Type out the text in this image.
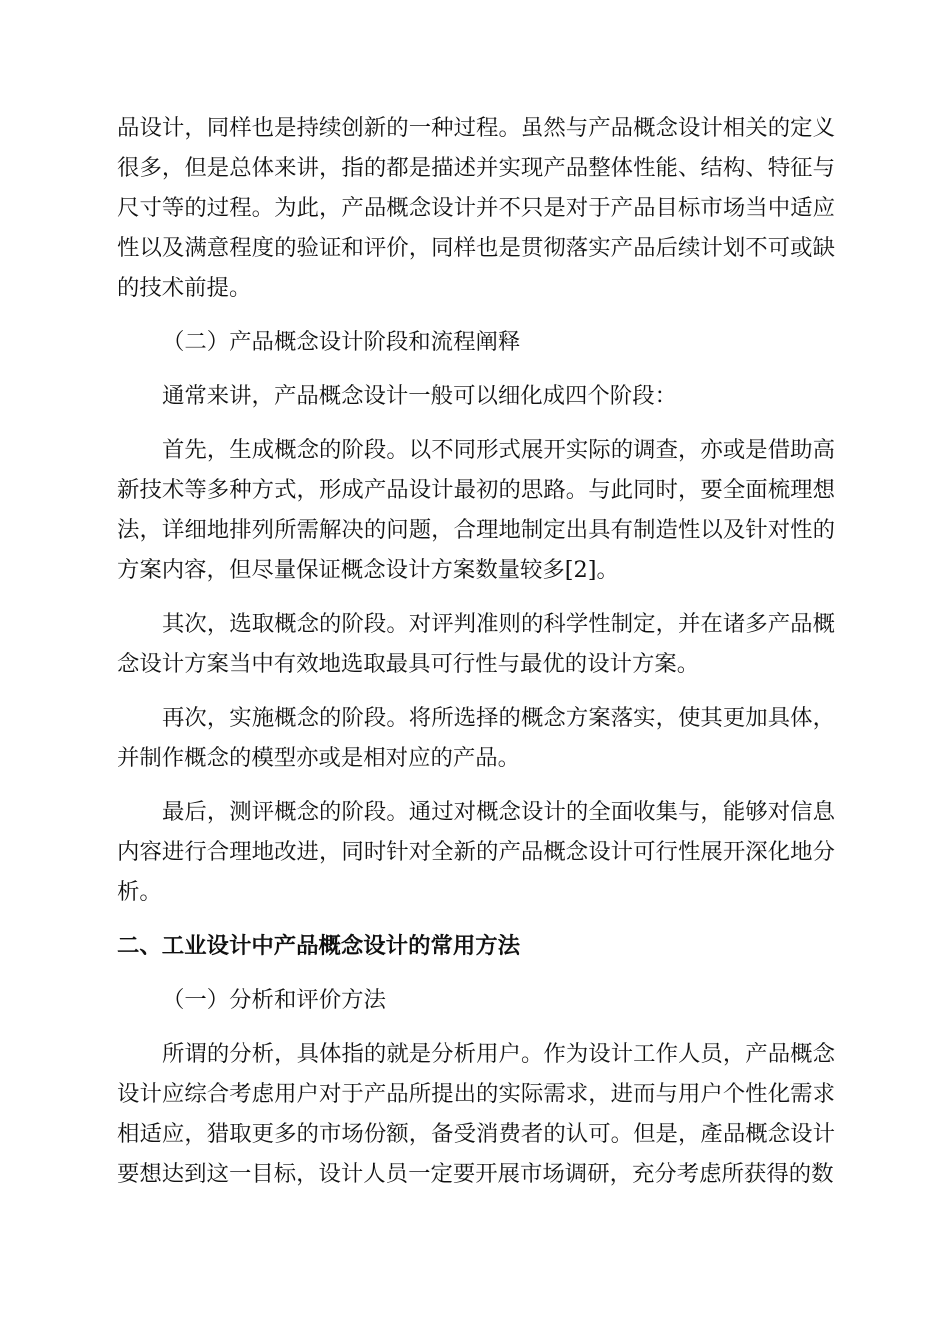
品设计，同样也是持续创新的一种过程。虽然与产品概念设计相关的定义很多，但是总体来讲，指的都是描述并实现产品整体性能、结构、特征与尺寸等的过程。为此，产品概念设计并不只是对于产品目标市场当中适应性以及满意程度的验证和评价，同样也是贯彻落实产品后续计划不可或缺的技术前提。

（二）产品概念设计阶段和流程阐释

通常来讲，产品概念设计一般可以细化成四个阶段：

首先，生成概念的阶段。以不同形式展开实际的调查，亦或是借助高新技术等多种方式，形成产品设计最初的思路。与此同时，要全面梳理想法，详细地排列所需解决的问题，合理地制定出具有制造性以及针对性的方案内容，但尽量保证概念设计方案数量较多[2]。

其次，选取概念的阶段。对评判准则的科学性制定，并在诸多产品概念设计方案当中有效地选取最具可行性与最优的设计方案。

再次，实施概念的阶段。将所选择的概念方案落实，使其更加具体，并制作概念的模型亦或是相对应的产品。

最后，测评概念的阶段。通过对概念设计的全面收集与，能够对信息内容进行合理地改进，同时针对全新的产品概念设计可行性展开深化地分析。

二、工业设计中产品概念设计的常用方法

（一）分析和评价方法

所谓的分析，具体指的就是分析用户。作为设计工作人员，产品概念设计应综合考虑用户对于产品所提出的实际需求，进而与用户个性化需求相适应，猎取更多的市场份额，备受消费者的认可。但是，產品概念设计要想达到这一目标，设计人员一定要开展市场调研，充分考虑所获得的数
